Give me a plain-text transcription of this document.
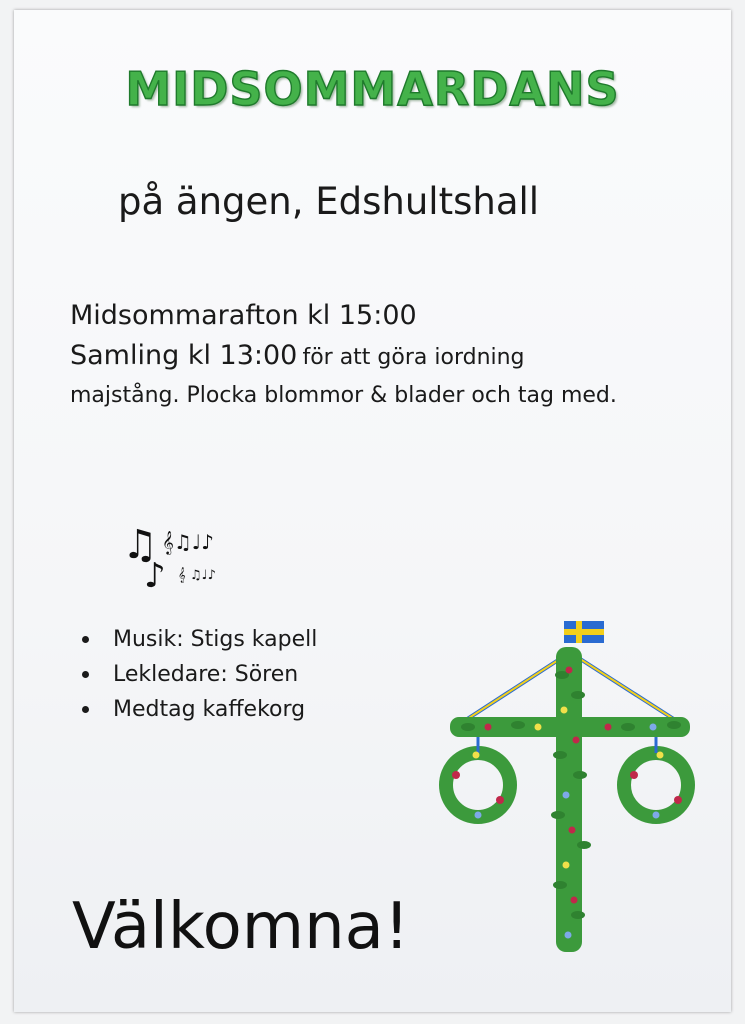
MIDSOMMARDANS
på ängen, Edshultshall
Midsommarafton kl 15:00
Samling kl 13:00 för att göra iordning
majstång. Plocka blommor & blader och tag med.
♫ 𝄞♫♩♪
♪ 𝄞 ♫♩♪
Musik: Stigs kapell
Lekledare: Sören
Medtag kaffekorg
Välkomna!
